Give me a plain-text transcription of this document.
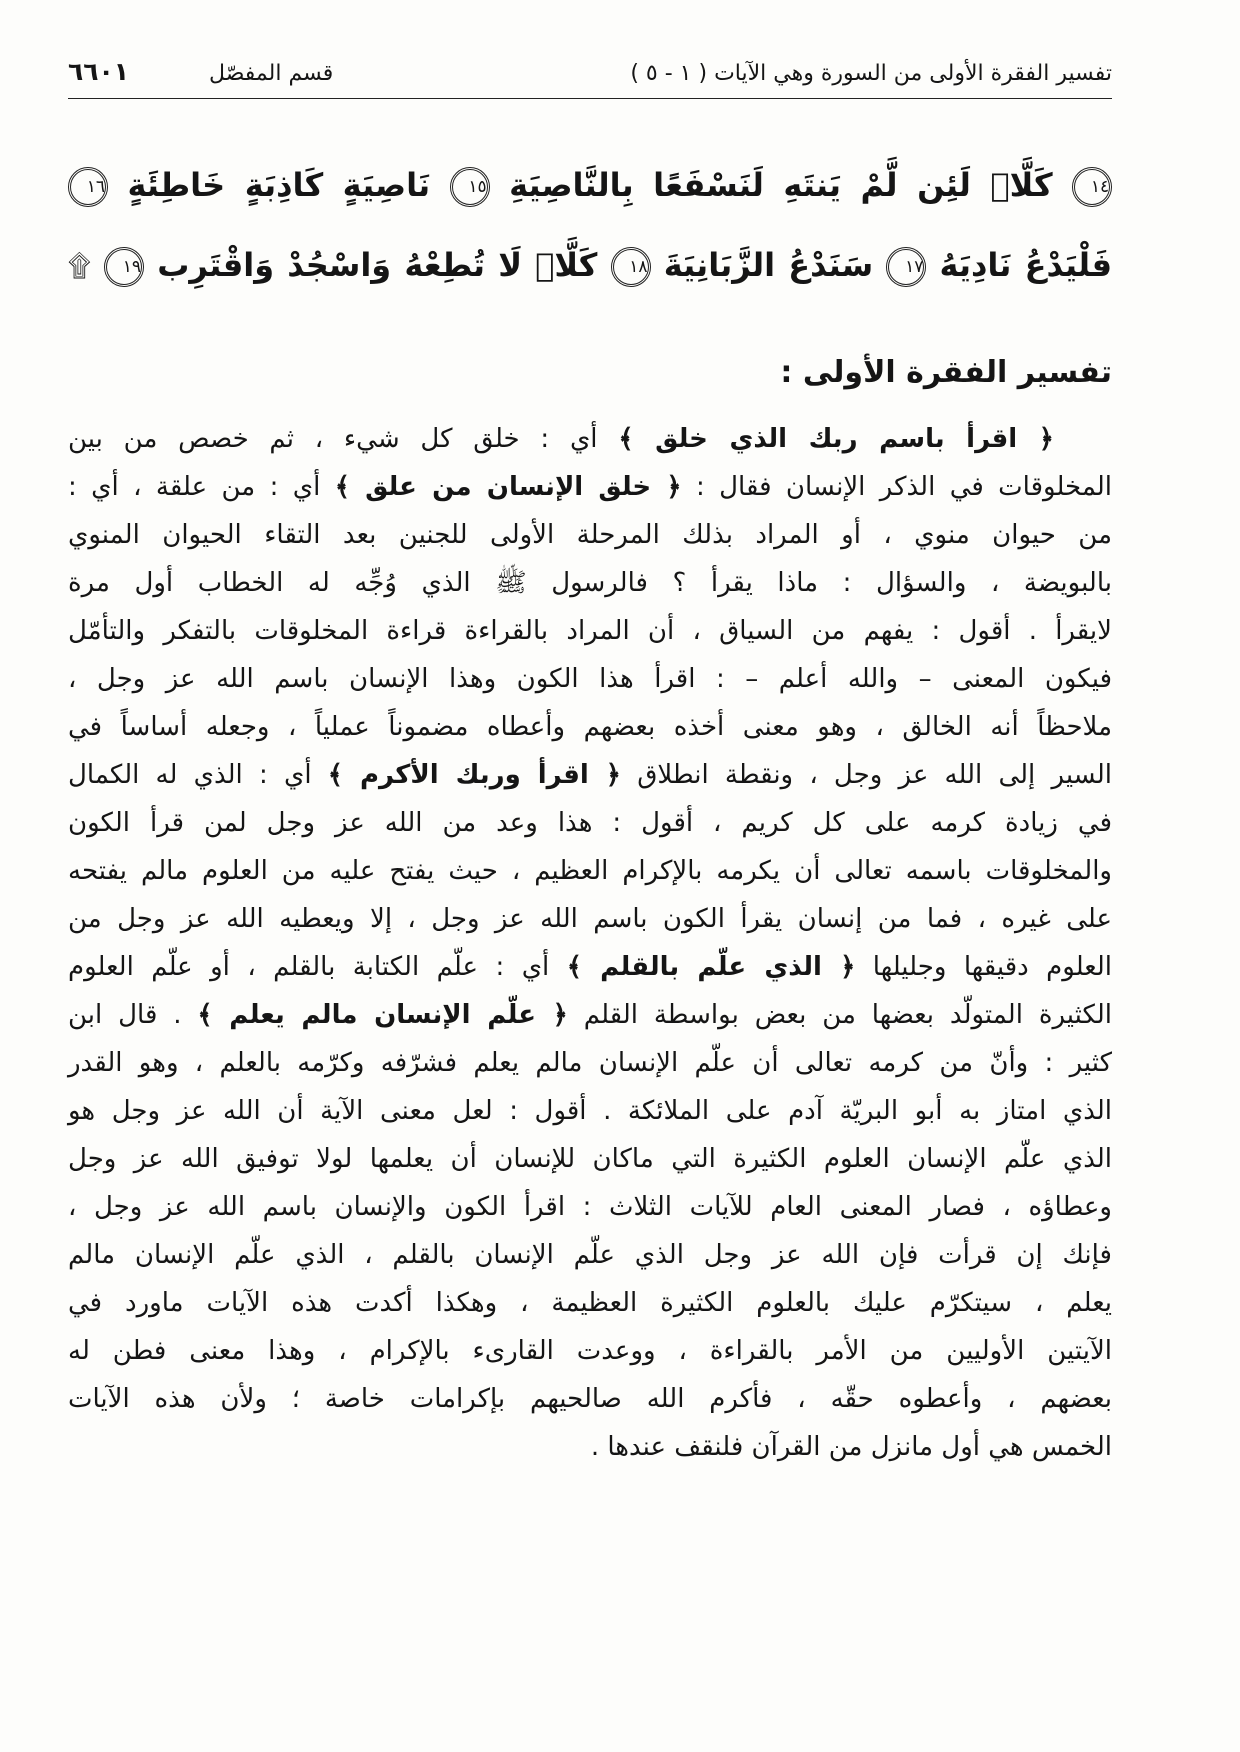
تفسير الفقرة الأولى من السورة وهي الآيات ( ١ - ٥ )
قسم المفصّل
٦٦٠١
١٤ كَلَّاۖ لَئِن لَّمْ يَنتَهِ لَنَسْفَعًا بِالنَّاصِيَةِ ١٥ نَاصِيَةٍ كَاذِبَةٍ خَاطِئَةٍ ١٦
فَلْيَدْعُ نَادِيَهُ ١٧ سَنَدْعُ الزَّبَانِيَةَ ١٨ كَلَّاۖ لَا تُطِعْهُ وَاسْجُدْ وَاقْتَرِب ١٩ ۩
تفسير الفقرة الأولى :
﴿ اقرأ باسم ربك الذي خلق ﴾ أي : خلق كل شيء ، ثم خصص من بين
المخلوقات في الذكر الإنسان فقال : ﴿ خلق الإنسان من علق ﴾ أي : من علقة ، أي :
من حيوان منوي ، أو المراد بذلك المرحلة الأولى للجنين بعد التقاء الحيوان المنوي
بالبويضة ، والسؤال : ماذا يقرأ ؟ فالرسول ﷺ الذي وُجِّه له الخطاب أول مرة
لايقرأ . أقول : يفهم من السياق ، أن المراد بالقراءة قراءة المخلوقات بالتفكر والتأمّل
فيكون المعنى – والله أعلم – : اقرأ هذا الكون وهذا الإنسان باسم الله عز وجل ،
ملاحظاً أنه الخالق ، وهو معنى أخذه بعضهم وأعطاه مضموناً عملياً ، وجعله أساساً في
السير إلى الله عز وجل ، ونقطة انطلاق ﴿ اقرأ وربك الأكرم ﴾ أي : الذي له الكمال
في زيادة كرمه على كل كريم ، أقول : هذا وعد من الله عز وجل لمن قرأ الكون
والمخلوقات باسمه تعالى أن يكرمه بالإكرام العظيم ، حيث يفتح عليه من العلوم مالم يفتحه
على غيره ، فما من إنسان يقرأ الكون باسم الله عز وجل ، إلا ويعطيه الله عز وجل من
العلوم دقيقها وجليلها ﴿ الذي علّم بالقلم ﴾ أي : علّم الكتابة بالقلم ، أو علّم العلوم
الكثيرة المتولّد بعضها من بعض بواسطة القلم ﴿ علّم الإنسان مالم يعلم ﴾ . قال ابن
كثير : وأنّ من كرمه تعالى أن علّم الإنسان مالم يعلم فشرّفه وكرّمه بالعلم ، وهو القدر
الذي امتاز به أبو البريّة آدم على الملائكة . أقول : لعل معنى الآية أن الله عز وجل هو
الذي علّم الإنسان العلوم الكثيرة التي ماكان للإنسان أن يعلمها لولا توفيق الله عز وجل
وعطاؤه ، فصار المعنى العام للآيات الثلاث : اقرأ الكون والإنسان باسم الله عز وجل ،
فإنك إن قرأت فإن الله عز وجل الذي علّم الإنسان بالقلم ، الذي علّم الإنسان مالم
يعلم ، سيتكرّم عليك بالعلوم الكثيرة العظيمة ، وهكذا أكدت هذه الآيات ماورد في
الآيتين الأوليين من الأمر بالقراءة ، ووعدت القارىء بالإكرام ، وهذا معنى فطن له
بعضهم ، وأعطوه حقّه ، فأكرم الله صالحيهم بإكرامات خاصة ؛ ولأن هذه الآيات
الخمس هي أول مانزل من القرآن فلنقف عندها .
